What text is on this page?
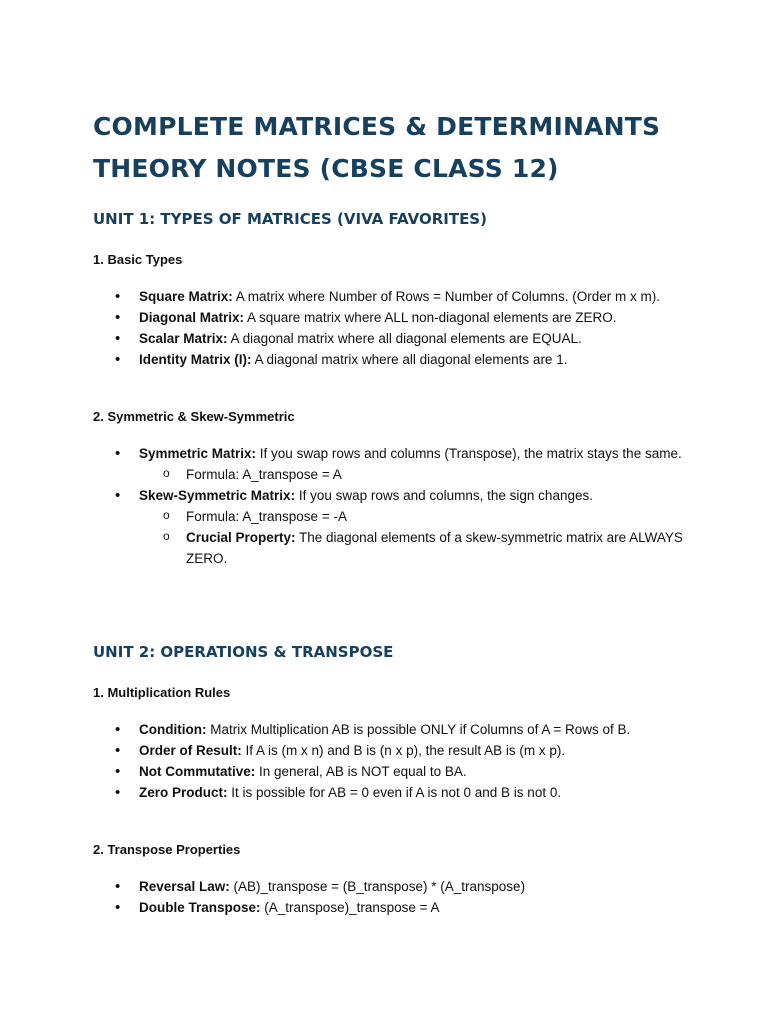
COMPLETE MATRICES & DETERMINANTS THEORY NOTES (CBSE CLASS 12)
UNIT 1: TYPES OF MATRICES (VIVA FAVORITES)
1. Basic Types
• Square Matrix: A matrix where Number of Rows = Number of Columns. (Order m x m).
• Diagonal Matrix: A square matrix where ALL non-diagonal elements are ZERO.
• Scalar Matrix: A diagonal matrix where all diagonal elements are EQUAL.
• Identity Matrix (I): A diagonal matrix where all diagonal elements are 1.
2. Symmetric & Skew-Symmetric
• Symmetric Matrix: If you swap rows and columns (Transpose), the matrix stays the same.
o Formula: A_transpose = A
• Skew-Symmetric Matrix: If you swap rows and columns, the sign changes.
o Formula: A_transpose = -A
o Crucial Property: The diagonal elements of a skew-symmetric matrix are ALWAYS ZERO.
UNIT 2: OPERATIONS & TRANSPOSE
1. Multiplication Rules
• Condition: Matrix Multiplication AB is possible ONLY if Columns of A = Rows of B.
• Order of Result: If A is (m x n) and B is (n x p), the result AB is (m x p).
• Not Commutative: In general, AB is NOT equal to BA.
• Zero Product: It is possible for AB = 0 even if A is not 0 and B is not 0.
2. Transpose Properties
• Reversal Law: (AB)_transpose = (B_transpose) * (A_transpose)
• Double Transpose: (A_transpose)_transpose = A
